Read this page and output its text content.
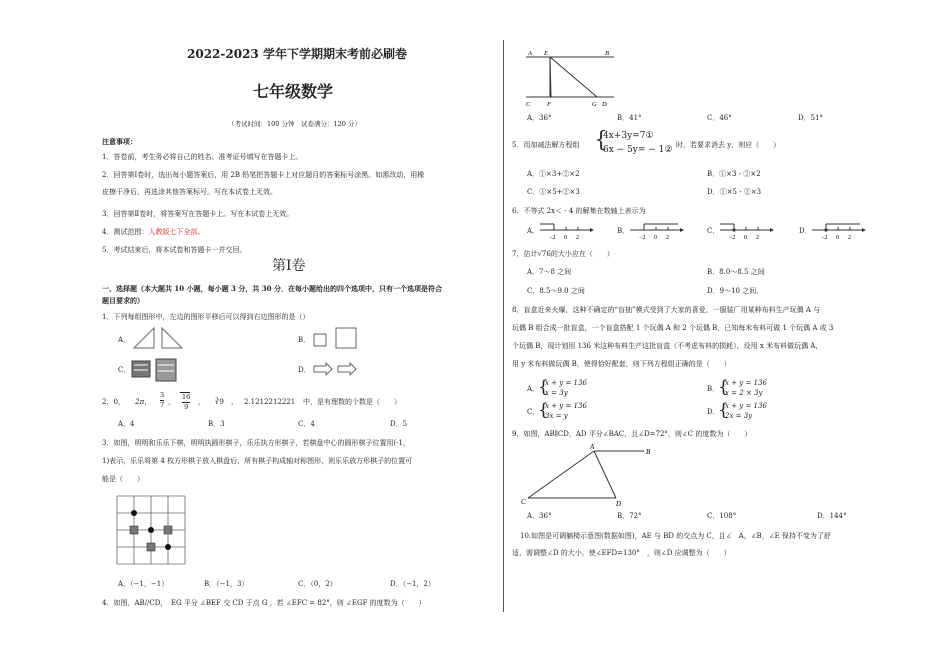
2022-2023 学年下学期期末考前必刷卷
七年级数学
（考试时间：100 分钟　试卷满分：120 分）
注意事项：
1．答卷前，考生务必将自己的姓名、准考证号填写在答题卡上。
2．回答第Ⅰ卷时，选出每小题答案后，用 2B 铅笔把答题卡上对应题目的答案标号涂黑。如需改动，用橡
皮擦干净后，再选涂其他答案标号。写在本试卷上无效。
3．回答第Ⅱ卷时，将答案写在答题卡上。写在本试卷上无效。
4．测试范围：人教版七下全部。
5．考试结束后，将本试卷和答题卡一并交回。
第Ⅰ卷
一、选择题（本大题共 10 小题，每小题 3 分，共 30 分．在每小题给出的四个选项中，只有一个选项是符合
题目要求的）
1．下列每组图形中，左边的图形平移后可以得到右边图形的是（）
A．	B．
C．	D．
2．0， 2π， $\frac{3}{7}$ ， $\frac{16}{9}$ ， ∛9 ， 2.1212212221 中，是有理数的个数是（　　）
A．4	B．3	C．4	D．5
3．如图，明明和乐乐下棋，明明执圆形棋子，乐乐执方形棋子，若棋盘中心的圆形棋子位置用(-1，
1)表示，乐乐将第 4 枚方形棋子放入棋盘后，所有棋子构成轴对称图形，则乐乐放方形棋子的位置可
能是（　　）
A．（−1，−1）	B．（−1，3）	C．（0，2）	D．（−1，2）
4．如图，AB//CD，　EG 平分 ∠BEF 交 CD 于点 G ，若 ∠EFC = 82°，则 ∠EGF 的度数为（　　）
A E	B
C	F	G D
A．36°	B．41°	C．46°	D．51°
5．用加减法解方程组 {
4x+3y=7①
6x − 5y= − 1② 时，若要求消去 y，则应（　　）
A．①×3+②×2	B．①×3 - ②×2
C．①×5+②×3	D．①×5 - ②×3
6．不等式 2x＜ - 4 的解集在数轴上表示为
A．	B．	C．	D．
−2 0 2	−2 0 2	−2 0 2	−2 0 2
7．估计√76的大小应在（　　）
A．7～8 之间	B．8.0～8.5 之间
C．8.5～9.0 之间	D．9～10 之间．
8．盲盒近来火爆，这种不确定的“盲抽”模式受到了大家的喜爱，一服装厂用某种布料生产玩偶 A 与
玩偶 B 组合成一批盲盒，一个盲盒搭配 1 个玩偶 A 和 2 个玩偶 B，已知每米布料可做 1 个玩偶 A 或 3
个玩偶 B，现计划用 136 米这种布料生产这批盲盒（不考虑布料的损耗），设用 x 米布料做玩偶 A，
用 y 米布料做玩偶 B，使得恰好配套，则下列方程组正确的是（　　）
A．
{
x + y = 136
x = 3y	B．
{
x + y = 136
x = 2 × 3y
C．
{
x + y = 136
3x = y	D．
{
x + y = 136
2x = 3y
9．如图，AB∥CD，AD 平分∠BAC，且∠D=72°，则∠C 的度数为（　　）
A
B
C	D
A．36°	B．72°	C．108°	D．144°
10.如图是可调躺椅示意图(数据如图)，AE 与 BD 的交点为 C，且∠　A，∠B，∠E 保持不变为了舒
适，需调整∠D 的大小，使∠EFD=130°　，则∠D 应调整为（　　）
